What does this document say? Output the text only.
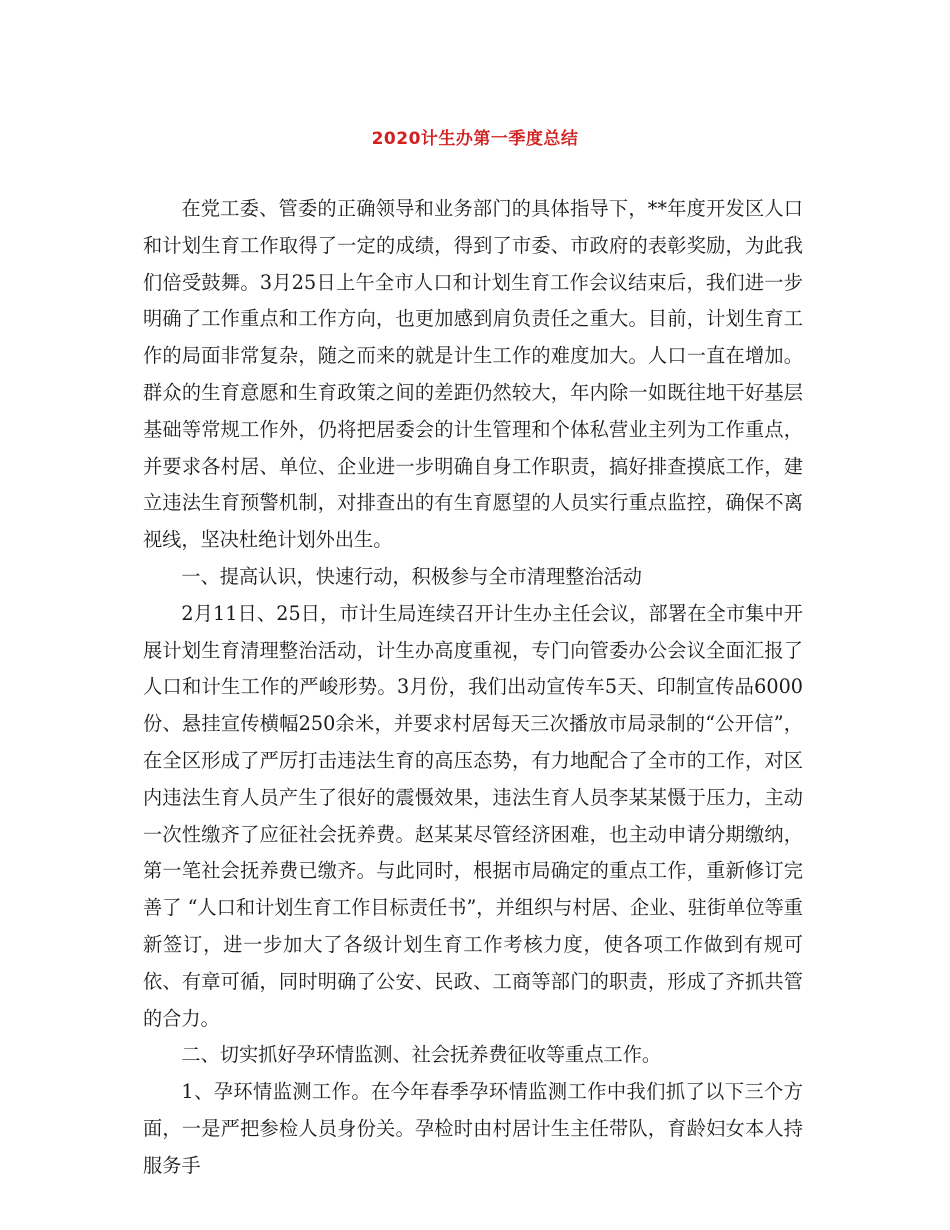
2020计生办第一季度总结

在党工委、管委的正确领导和业务部门的具体指导下，**年度开发区人口和计划生育工作取得了一定的成绩，得到了市委、市政府的表彰奖励，为此我们倍受鼓舞。3月25日上午全市人口和计划生育工作会议结束后，我们进一步明确了工作重点和工作方向，也更加感到肩负责任之重大。目前，计划生育工作的局面非常复杂，随之而来的就是计生工作的难度加大。人口一直在增加。群众的生育意愿和生育政策之间的差距仍然较大，年内除一如既往地干好基层基础等常规工作外，仍将把居委会的计生管理和个体私营业主列为工作重点，并要求各村居、单位、企业进一步明确自身工作职责，搞好排查摸底工作，建立违法生育预警机制，对排查出的有生育愿望的人员实行重点监控，确保不离视线，坚决杜绝计划外出生。

一、提高认识，快速行动，积极参与全市清理整治活动

2月11日、25日，市计生局连续召开计生办主任会议，部署在全市集中开展计划生育清理整治活动，计生办高度重视，专门向管委办公会议全面汇报了人口和计生工作的严峻形势。3月份，我们出动宣传车5天、印制宣传品6000份、悬挂宣传横幅250余米，并要求村居每天三次播放市局录制的“公开信”，在全区形成了严厉打击违法生育的高压态势，有力地配合了全市的工作，对区内违法生育人员产生了很好的震慑效果，违法生育人员李某某慑于压力，主动一次性缴齐了应征社会抚养费。赵某某尽管经济困难，也主动申请分期缴纳，第一笔社会抚养费已缴齐。与此同时，根据市局确定的重点工作，重新修订完善了 “人口和计划生育工作目标责任书”，并组织与村居、企业、驻街单位等重新签订，进一步加大了各级计划生育工作考核力度，使各项工作做到有规可依、有章可循，同时明确了公安、民政、工商等部门的职责，形成了齐抓共管的合力。

二、切实抓好孕环情监测、社会抚养费征收等重点工作。

1、孕环情监测工作。在今年春季孕环情监测工作中我们抓了以下三个方面，一是严把参检人员身份关。孕检时由村居计生主任带队，育龄妇女本人持服务手
